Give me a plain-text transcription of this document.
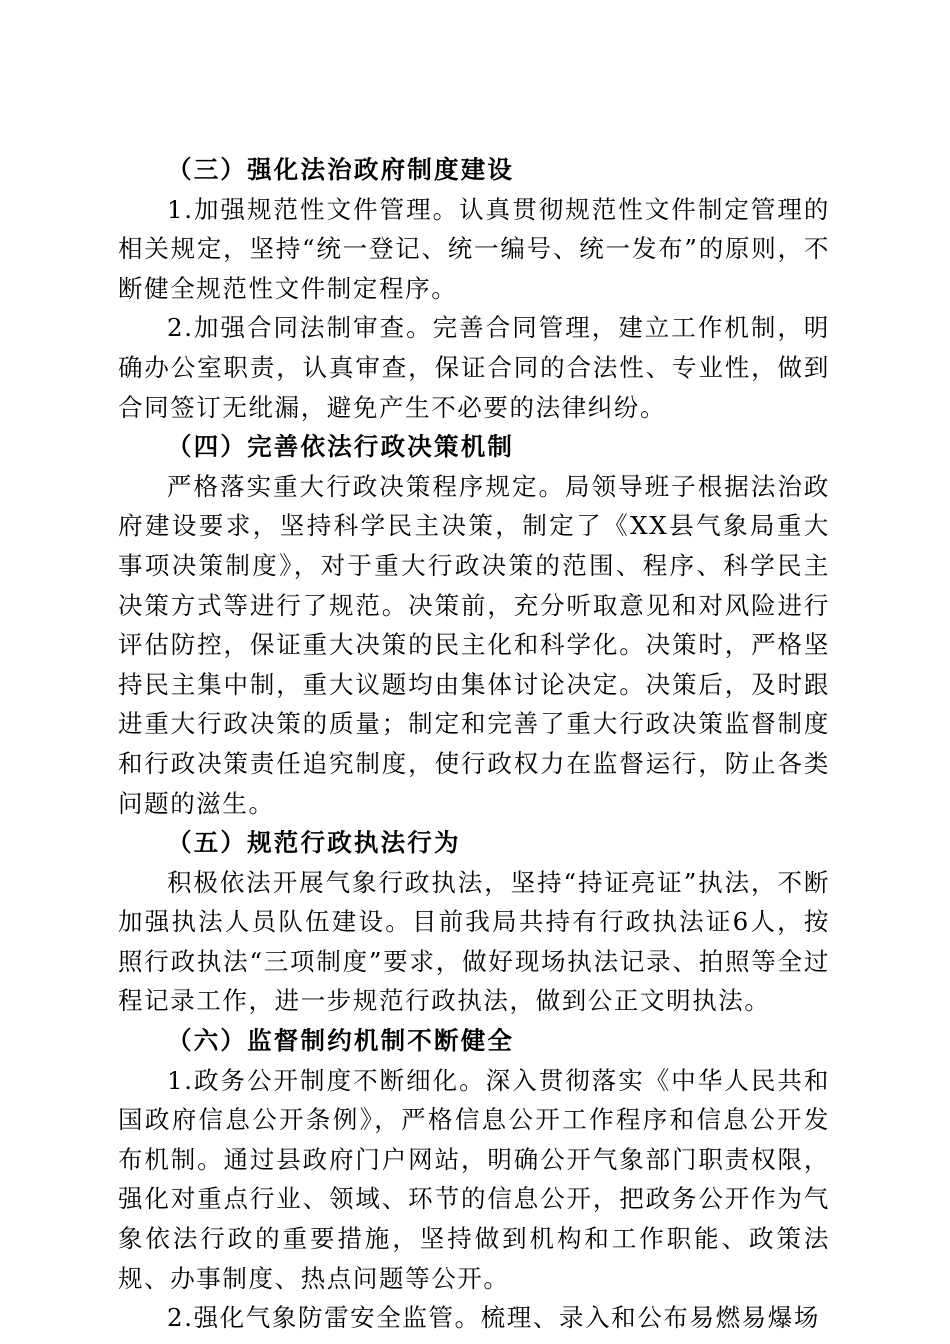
（三）强化法治政府制度建设

1.加强规范性文件管理。认真贯彻规范性文件制定管理的相关规定，坚持“统一登记、统一编号、统一发布”的原则，不断健全规范性文件制定程序。

2.加强合同法制审查。完善合同管理，建立工作机制，明确办公室职责，认真审查，保证合同的合法性、专业性，做到合同签订无纰漏，避免产生不必要的法律纠纷。

（四）完善依法行政决策机制

严格落实重大行政决策程序规定。局领导班子根据法治政府建设要求，坚持科学民主决策，制定了《XX县气象局重大事项决策制度》，对于重大行政决策的范围、程序、科学民主决策方式等进行了规范。决策前，充分听取意见和对风险进行评估防控，保证重大决策的民主化和科学化。决策时，严格坚持民主集中制，重大议题均由集体讨论决定。决策后，及时跟进重大行政决策的质量；制定和完善了重大行政决策监督制度和行政决策责任追究制度，使行政权力在监督运行，防止各类问题的滋生。

（五）规范行政执法行为

积极依法开展气象行政执法，坚持“持证亮证”执法，不断加强执法人员队伍建设。目前我局共持有行政执法证6人，按照行政执法“三项制度”要求，做好现场执法记录、拍照等全过程记录工作，进一步规范行政执法，做到公正文明执法。

（六）监督制约机制不断健全

1.政务公开制度不断细化。深入贯彻落实《中华人民共和国政府信息公开条例》，严格信息公开工作程序和信息公开发布机制。通过县政府门户网站，明确公开气象部门职责权限，强化对重点行业、领域、环节的信息公开，把政务公开作为气象依法行政的重要措施，坚持做到机构和工作职能、政策法规、办事制度、热点问题等公开。

2.强化气象防雷安全监管。梳理、录入和公布易燃易爆场
